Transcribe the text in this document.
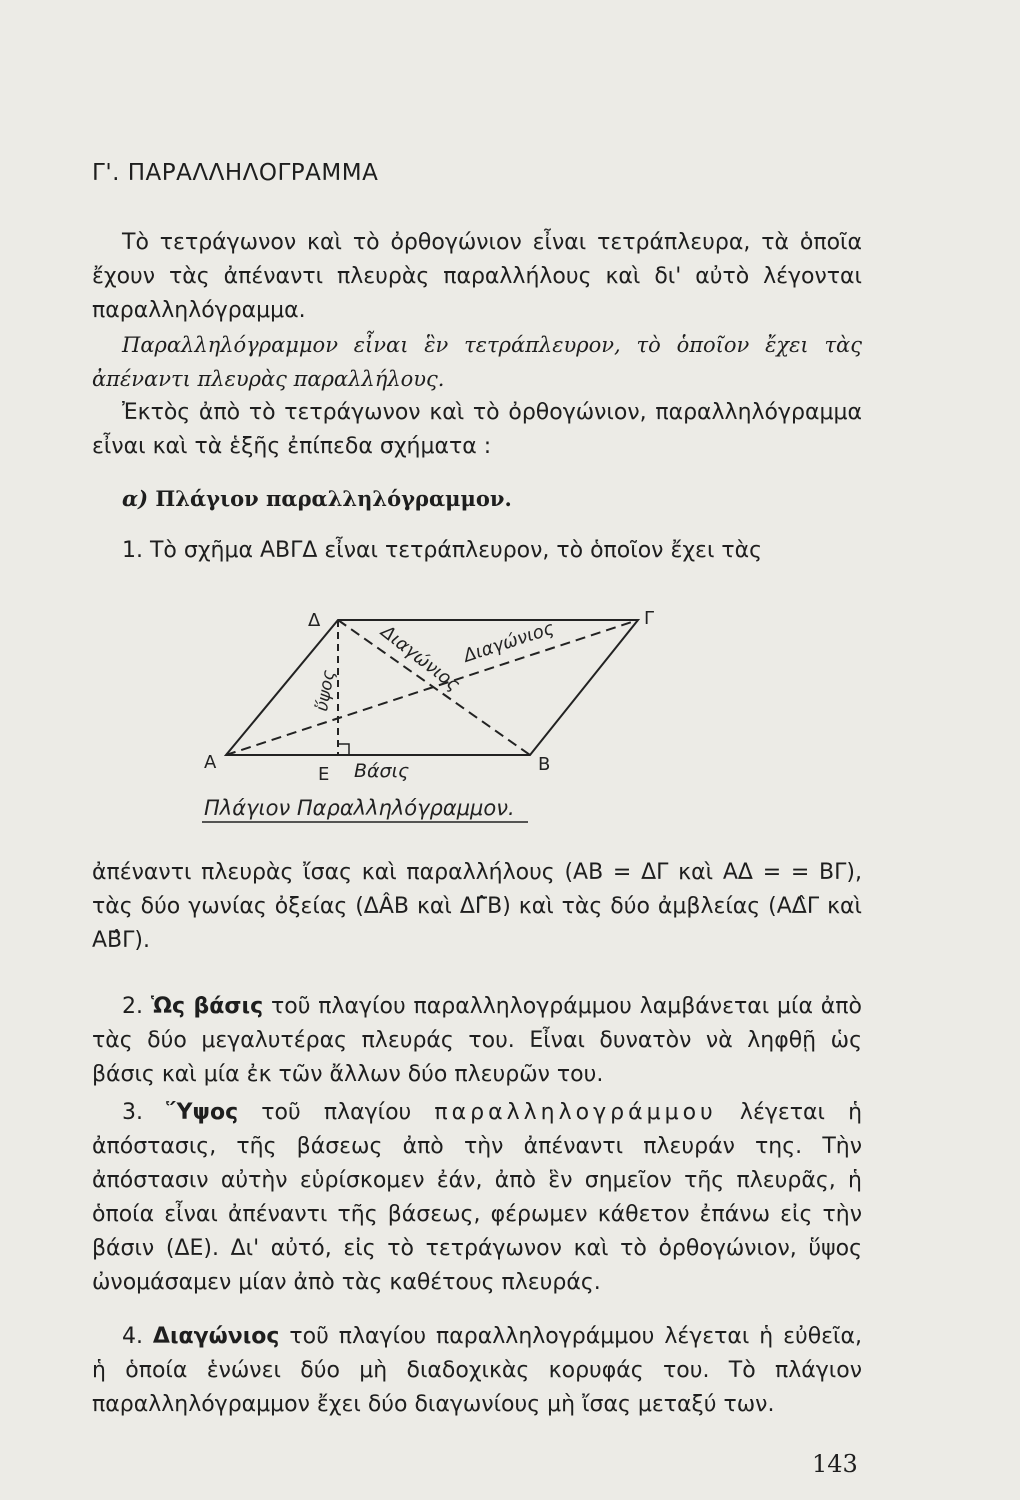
Γ'. ΠΑΡΑΛΛΗΛΟΓΡΑΜΜΑ
Τὸ τετράγωνον καὶ τὸ ὀρθογώνιον εἶναι τετράπλευρα, τὰ ὁποῖα ἔχουν τὰς ἀπέναντι πλευρὰς παραλλήλους καὶ δι' αὐτὸ λέγονται παραλληλόγραμμα.
Παραλληλόγραμμον εἶναι ἓν τετράπλευρον, τὸ ὁποῖον ἔχει τὰς ἀπέναντι πλευρὰς παραλλήλους.
Ἐκτὸς ἀπὸ τὸ τετράγωνον καὶ τὸ ὀρθογώνιον, παραλληλόγραμμα εἶναι καὶ τὰ ἑξῆς ἐπίπεδα σχήματα :
α) Πλάγιον παραλληλόγραμμον.
1. Τὸ σχῆμα ΑΒΓΔ εἶναι τετράπλευρον, τὸ ὁποῖον ἔχει τὰς
Α	Β
Γ
Δ
Ε
ὕψος
Διαγώνιος
Διαγώνιος
Βάσις
Πλάγιον Παραλληλόγραμμον.
ἀπέναντι πλευρὰς ἴσας καὶ παραλλήλους (ΑΒ = ΔΓ καὶ ΑΔ = = ΒΓ), τὰς δύο γωνίας ὀξείας (ΔÂΒ καὶ ΔΓ̂Β) καὶ τὰς δύο ἀμβλείας (ΑΔ̂Γ καὶ ΑΒ̂Γ).
2. Ὡς βάσις τοῦ πλαγίου παραλληλογράμμου λαμβάνεται μία ἀπὸ τὰς δύο μεγαλυτέρας πλευράς του. Εἶναι δυνατὸν νὰ ληφθῇ ὡς βάσις καὶ μία ἐκ τῶν ἄλλων δύο πλευρῶν του.
3. Ὕψος τοῦ πλαγίου παραλληλογράμμου λέγεται ἡ ἀπόστασις, τῆς βάσεως ἀπὸ τὴν ἀπέναντι πλευράν της. Τὴν ἀπόστασιν αὐτὴν εὑρίσκομεν ἐάν, ἀπὸ ἓν σημεῖον τῆς πλευρᾶς, ἡ ὁποία εἶναι ἀπέναντι τῆς βάσεως, φέρωμεν κάθετον ἐπάνω εἰς τὴν βάσιν (ΔΕ). Δι' αὐτό, εἰς τὸ τετράγωνον καὶ τὸ ὀρθογώνιον, ὕψος ὠνομάσαμεν μίαν ἀπὸ τὰς καθέτους πλευράς.
4. Διαγώνιος τοῦ πλαγίου παραλληλογράμμου λέγεται ἡ εὐθεῖα, ἡ ὁποία ἑνώνει δύο μὴ διαδοχικὰς κορυφάς του. Τὸ πλάγιον παραλληλόγραμμον ἔχει δύο διαγωνίους μὴ ἴσας μεταξύ των.
143
